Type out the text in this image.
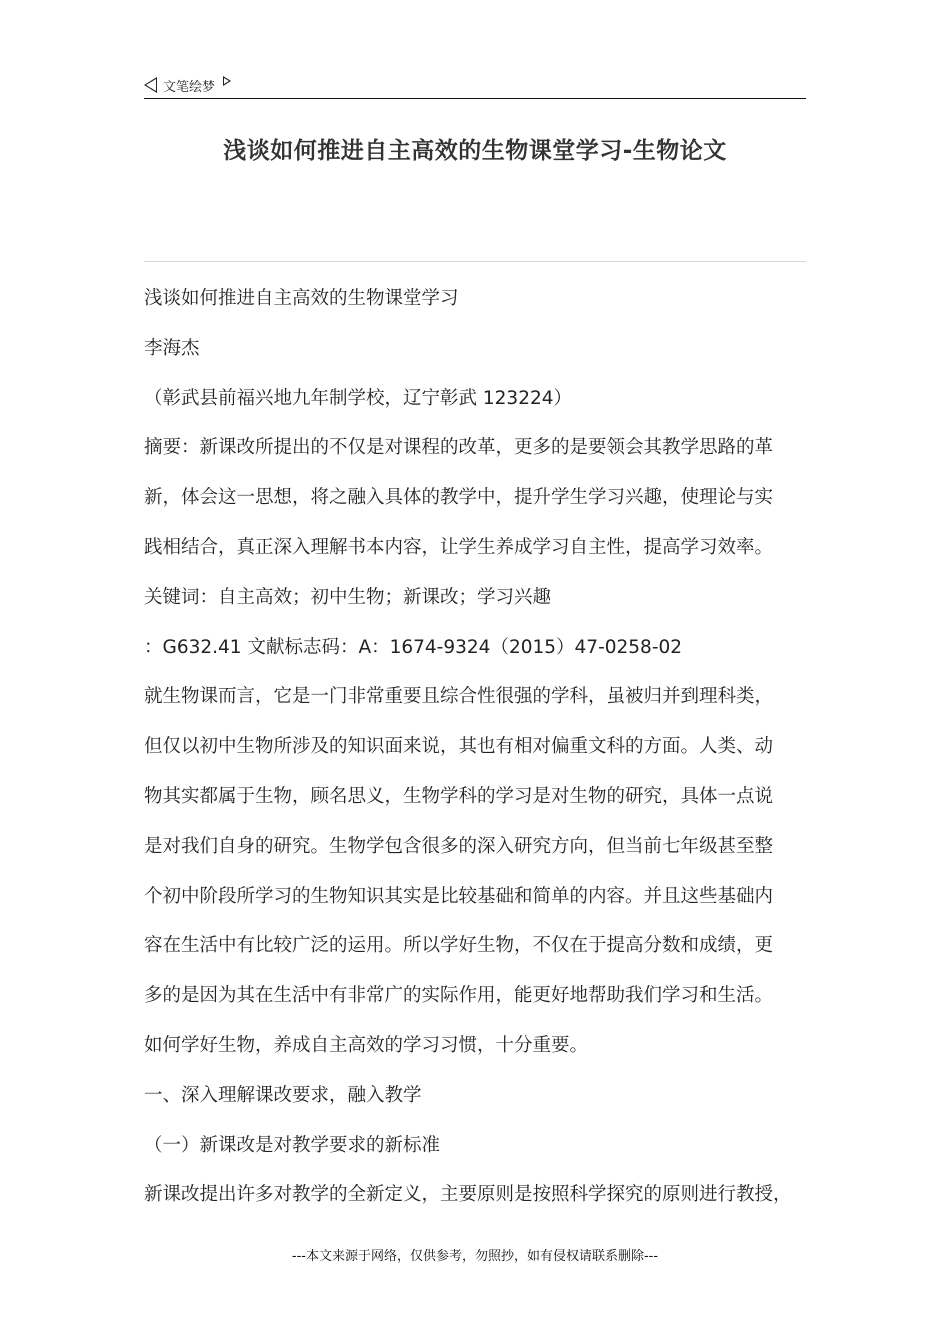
文笔绘梦
浅谈如何推进自主高效的生物课堂学习-生物论文

浅谈如何推进自主高效的生物课堂学习

李海杰

（彰武县前福兴地九年制学校，辽宁彰武 123224）

摘要：新课改所提出的不仅是对课程的改革，更多的是要领会其教学思路的革

新，体会这一思想，将之融入具体的教学中，提升学生学习兴趣，使理论与实

践相结合，真正深入理解书本内容，让学生养成学习自主性，提高学习效率。

关键词：自主高效；初中生物；新课改；学习兴趣

：G632.41 文献标志码：A：1674-9324（2015）47-0258-02

就生物课而言，它是一门非常重要且综合性很强的学科，虽被归并到理科类，

但仅以初中生物所涉及的知识面来说，其也有相对偏重文科的方面。人类、动

物其实都属于生物，顾名思义，生物学科的学习是对生物的研究，具体一点说

是对我们自身的研究。生物学包含很多的深入研究方向，但当前七年级甚至整

个初中阶段所学习的生物知识其实是比较基础和简单的内容。并且这些基础内

容在生活中有比较广泛的运用。所以学好生物，不仅在于提高分数和成绩，更

多的是因为其在生活中有非常广的实际作用，能更好地帮助我们学习和生活。

如何学好生物，养成自主高效的学习习惯，十分重要。

一、深入理解课改要求，融入教学

（一）新课改是对教学要求的新标准

新课改提出许多对教学的全新定义，主要原则是按照科学探究的原则进行教授，

---本文来源于网络，仅供参考，勿照抄，如有侵权请联系删除---
